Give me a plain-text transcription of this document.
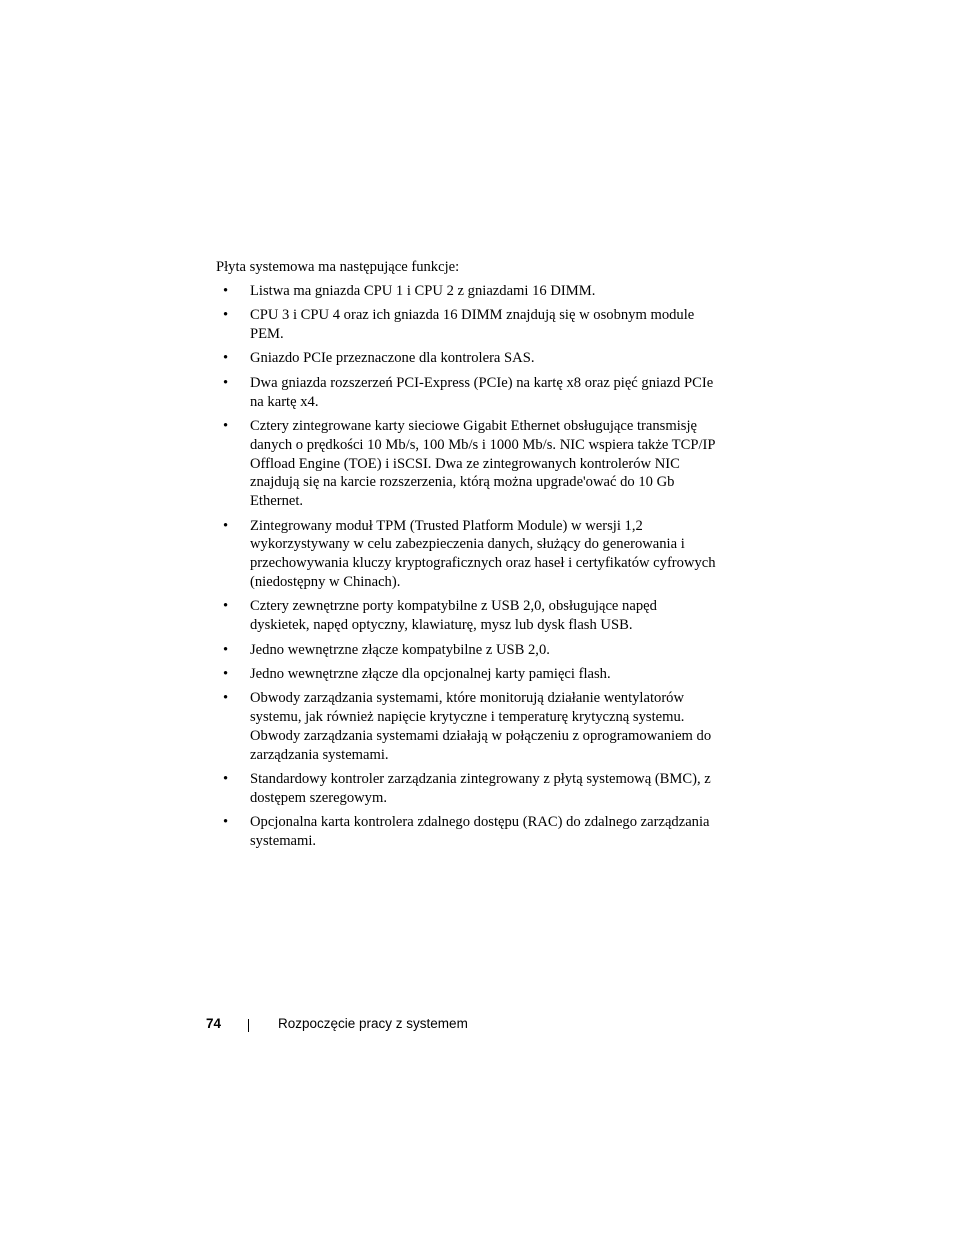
Płyta systemowa ma następujące funkcje:

• Listwa ma gniazda CPU 1 i CPU 2 z gniazdami 16 DIMM.
• CPU 3 i CPU 4 oraz ich gniazda 16 DIMM znajdują się w osobnym module PEM.
• Gniazdo PCIe przeznaczone dla kontrolera SAS.
• Dwa gniazda rozszerzeń PCI-Express (PCIe) na kartę x8 oraz pięć gniazd PCIe na kartę x4.
• Cztery zintegrowane karty sieciowe Gigabit Ethernet obsługujące transmisję danych o prędkości 10 Mb/s, 100 Mb/s i 1000 Mb/s. NIC wspiera także TCP/IP Offload Engine (TOE) i iSCSI. Dwa ze zintegrowanych kontrolerów NIC znajdują się na karcie rozszerzenia, którą można upgrade'ować do 10 Gb Ethernet.
• Zintegrowany moduł TPM (Trusted Platform Module) w wersji 1,2 wykorzystywany w celu zabezpieczenia danych, służący do generowania i przechowywania kluczy kryptograficznych oraz haseł i certyfikatów cyfrowych (niedostępny w Chinach).
• Cztery zewnętrzne porty kompatybilne z USB 2,0, obsługujące napęd dyskietek, napęd optyczny, klawiaturę, mysz lub dysk flash USB.
• Jedno wewnętrzne złącze kompatybilne z USB 2,0.
• Jedno wewnętrzne złącze dla opcjonalnej karty pamięci flash.
• Obwody zarządzania systemami, które monitorują działanie wentylatorów systemu, jak również napięcie krytyczne i temperaturę krytyczną systemu. Obwody zarządzania systemami działają w połączeniu z oprogramowaniem do zarządzania systemami.
• Standardowy kontroler zarządzania zintegrowany z płytą systemową (BMC), z dostępem szeregowym.
• Opcjonalna karta kontrolera zdalnego dostępu (RAC) do zdalnego zarządzania systemami.
74	Rozpoczęcie pracy z systemem
